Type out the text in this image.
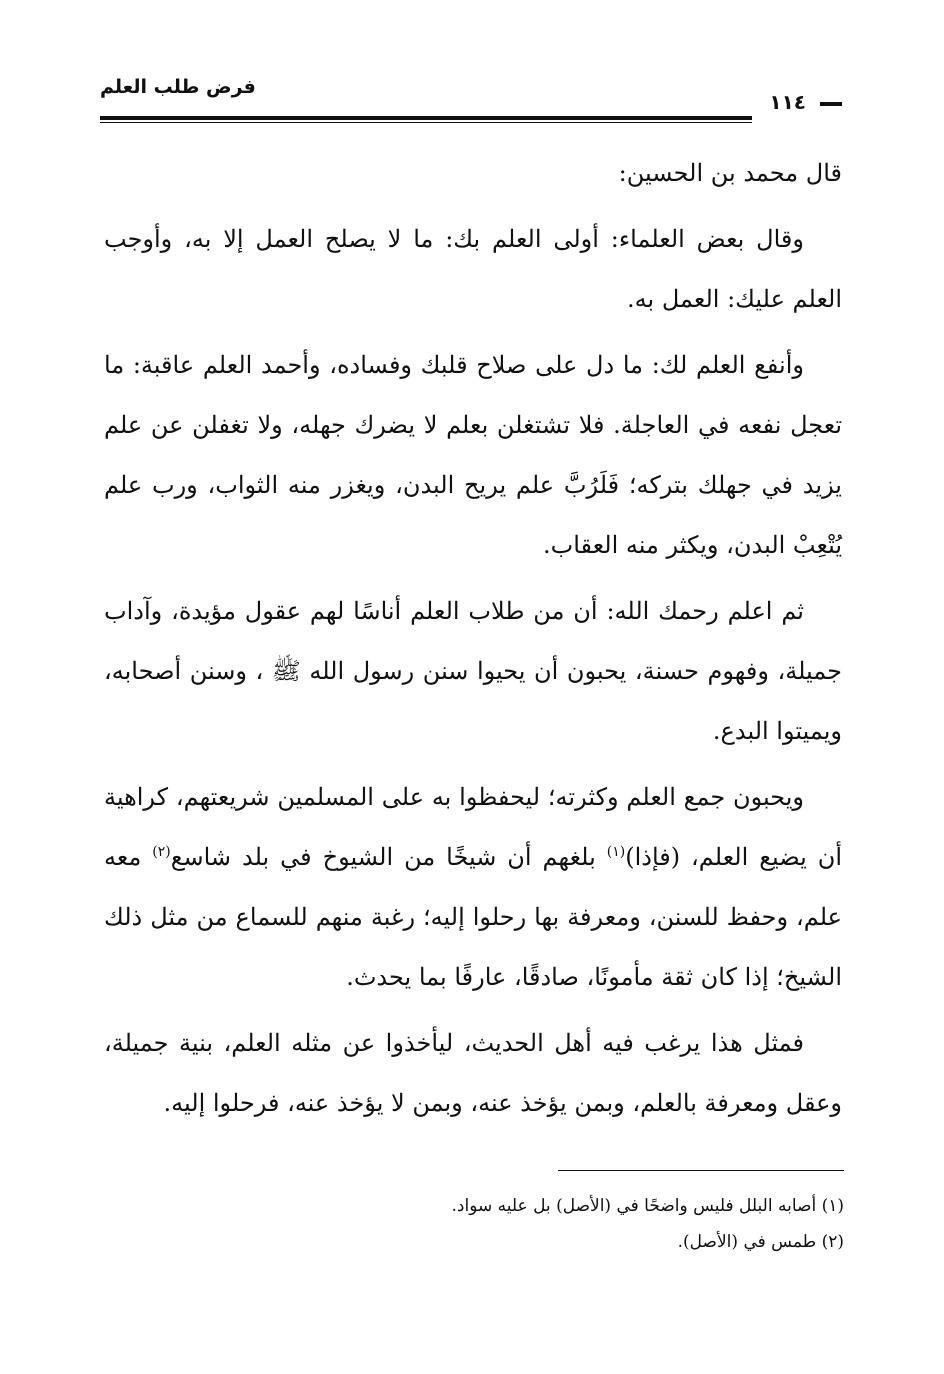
فرض طلب العلم
١١٤

قال محمد بن الحسين:

وقال بعض العلماء: أولى العلم بك: ما لا يصلح العمل إلا به، وأوجب العلم عليك: العمل به.

وأنفع العلم لك: ما دل على صلاح قلبك وفساده، وأحمد العلم عاقبة: ما تعجل نفعه في العاجلة. فلا تشتغلن بعلم لا يضرك جهله، ولا تغفلن عن علم يزيد في جهلك بتركه؛ فَلَرُبَّ علم يريح البدن، ويغزر منه الثواب، ورب علم يُتْعِبْ البدن، ويكثر منه العقاب.

ثم اعلم رحمك الله: أن من طلاب العلم أناسًا لهم عقول مؤيدة، وآداب جميلة، وفهوم حسنة، يحبون أن يحيوا سنن رسول الله ﷺ ، وسنن أصحابه، ويميتوا البدع.

ويحبون جمع العلم وكثرته؛ ليحفظوا به على المسلمين شريعتهم، كراهية أن يضيع العلم، (فإذا)$^{(١)}$ بلغهم أن شيخًا من الشيوخ في بلد شاسع$^{(٢)}$ معه علم، وحفظ للسنن، ومعرفة بها رحلوا إليه؛ رغبة منهم للسماع من مثل ذلك الشيخ؛ إذا كان ثقة مأمونًا، صادقًا، عارفًا بما يحدث.

فمثل هذا يرغب فيه أهل الحديث، ليأخذوا عن مثله العلم، بنية جميلة، وعقل ومعرفة بالعلم، وبمن يؤخذ عنه، وبمن لا يؤخذ عنه، فرحلوا إليه.

(١) أصابه البلل فليس واضحًا في (الأصل) بل عليه سواد.

(٢) طمس في (الأصل).
